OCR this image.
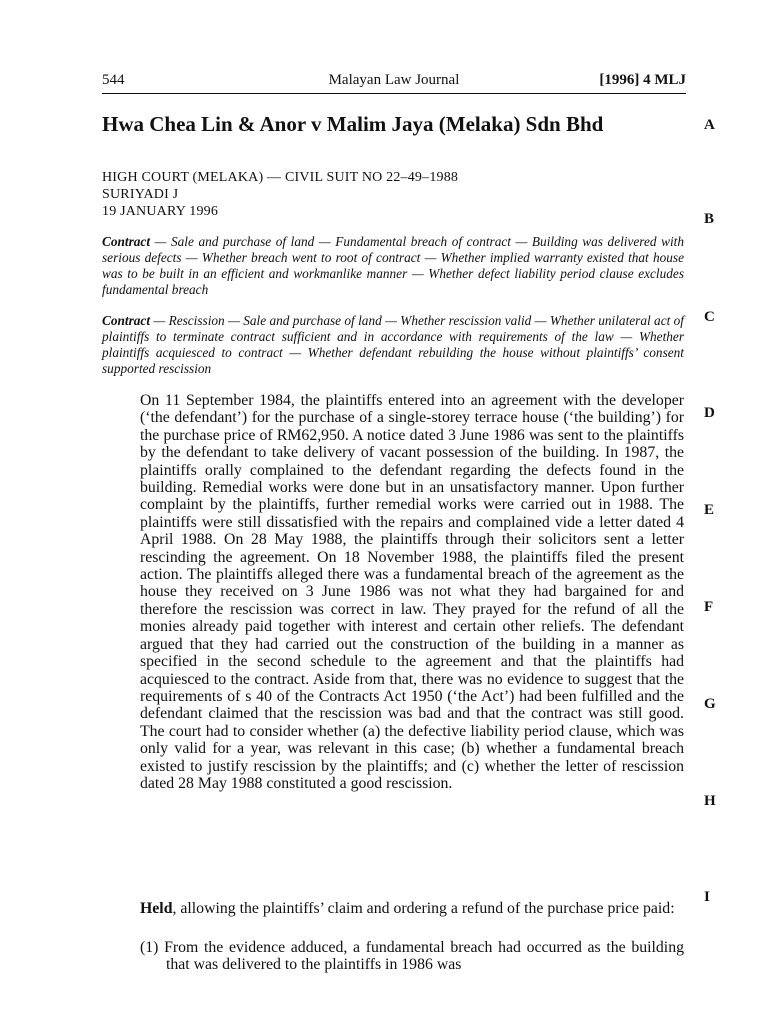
544	Malayan Law Journal	[1996] 4 MLJ
Hwa Chea Lin & Anor v Malim Jaya (Melaka) Sdn Bhd
HIGH COURT (MELAKA) — CIVIL SUIT NO 22–49–1988
SURIYADI J
19 JANUARY 1996
Contract — Sale and purchase of land — Fundamental breach of contract — Building was delivered with serious defects — Whether breach went to root of contract — Whether implied warranty existed that house was to be built in an efficient and workmanlike manner — Whether defect liability period clause excludes fundamental breach
Contract — Rescission — Sale and purchase of land — Whether rescission valid — Whether unilateral act of plaintiffs to terminate contract sufficient and in accordance with requirements of the law — Whether plaintiffs acquiesced to contract — Whether defendant rebuilding the house without plaintiffs’ consent supported rescission
On 11 September 1984, the plaintiffs entered into an agreement with the developer (‘the defendant’) for the purchase of a single-storey terrace house (‘the building’) for the purchase price of RM62,950. A notice dated 3 June 1986 was sent to the plaintiffs by the defendant to take delivery of vacant possession of the building. In 1987, the plaintiffs orally complained to the defendant regarding the defects found in the building. Remedial works were done but in an unsatisfactory manner. Upon further complaint by the plaintiffs, further remedial works were carried out in 1988. The plaintiffs were still dissatisfied with the repairs and complained vide a letter dated 4 April 1988. On 28 May 1988, the plaintiffs through their solicitors sent a letter rescinding the agreement. On 18 November 1988, the plaintiffs filed the present action. The plaintiffs alleged there was a fundamental breach of the agreement as the house they received on 3 June 1986 was not what they had bargained for and therefore the rescission was correct in law. They prayed for the refund of all the monies already paid together with interest and certain other reliefs. The defendant argued that they had carried out the construction of the building in a manner as specified in the second schedule to the agreement and that the plaintiffs had acquiesced to the contract. Aside from that, there was no evidence to suggest that the requirements of s 40 of the Contracts Act 1950 (‘the Act’) had been fulfilled and the defendant claimed that the rescission was bad and that the contract was still good. The court had to consider whether (a) the defective liability period clause, which was only valid for a year, was relevant in this case; (b) whether a fundamental breach existed to justify rescission by the plaintiffs; and (c) whether the letter of rescission dated 28 May 1988 constituted a good rescission.
Held, allowing the plaintiffs’ claim and ordering a refund of the purchase price paid:
(1) From the evidence adduced, a fundamental breach had occurred as the building that was delivered to the plaintiffs in 1986 was
A
B
C
D
E
F
G
H
I
